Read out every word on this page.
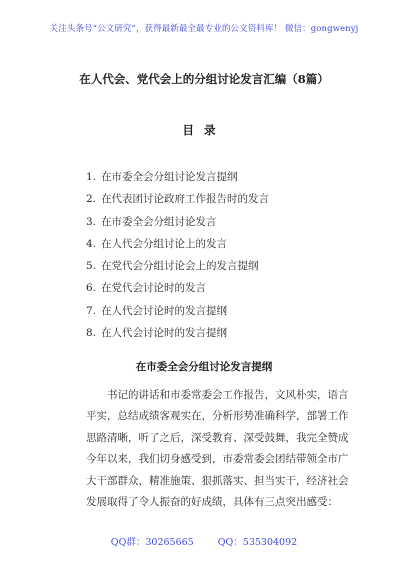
关注头条号“公文研究”，获得最新最全最专业的公文资料库！ 微信：gongwenyj
在人代会、党代会上的分组讨论发言汇编（8篇）
目录
1. 在市委全会分组讨论发言提纲
2. 在代表团讨论政府工作报告时的发言
3. 在市委全会分组讨论发言
4. 在人代会分组讨论上的发言
5. 在党代会分组讨论会上的发言提纲
6. 在党代会讨论时的发言
7. 在人代会讨论时的发言提纲
8. 在人代会讨论时的发言提纲
在市委全会分组讨论发言提纲
书记的讲话和市委常委会工作报告，文风朴实，语言
平实，总结成绩客观实在，分析形势准确科学，部署工作
思路清晰，听了之后，深受教育、深受鼓舞，我完全赞成
今年以来，我们切身感受到，市委常委会团结带领全市广
大干部群众，精准施策、狠抓落实、担当实干，经济社会
发展取得了令人振奋的好成绩，具体有三点突出感受：
QQ群：30265665	QQ：535304092
